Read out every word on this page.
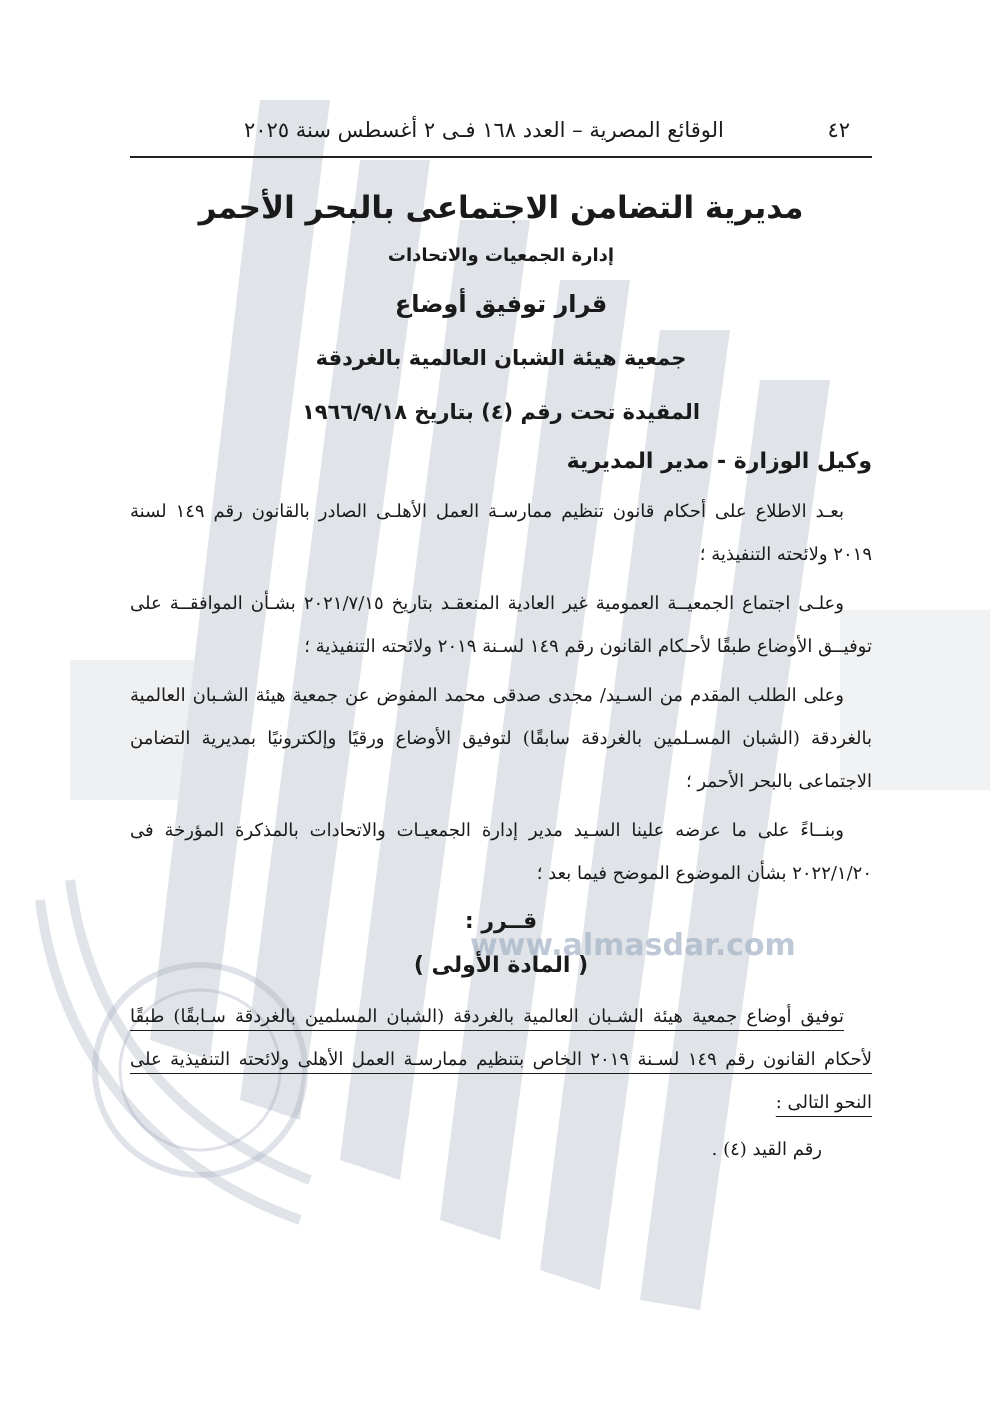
www.almasdar.com
٤٢
الوقائع المصرية – العدد ١٦٨ فـى ٢ أغسطس سنة ٢٠٢٥
مديرية التضامن الاجتماعى بالبحر الأحمر
إدارة الجمعيات والاتحادات
قرار توفيق أوضاع
جمعية هيئة الشبان العالمية بالغردقة
المقيدة تحت رقم (٤) بتاريخ ١٩٦٦/٩/١٨
وكيل الوزارة - مدير المديرية

بعـد الاطلاع على أحكام قانون تنظيم ممارسـة العمل الأهلـى الصادر بالقانون رقم ١٤٩ لسنة ٢٠١٩ ولائحته التنفيذية ؛

وعلـى اجتماع الجمعيــة العمومية غير العادية المنعقـد بتاريخ ٢٠٢١/٧/١٥ بشـأن الموافقــة على توفيــق الأوضاع طبقًا لأحـكام القانون رقم ١٤٩ لسـنة ٢٠١٩ ولائحته التنفيذية ؛

وعلى الطلب المقدم من السـيد/ مجدى صدقى محمد المفوض عن جمعية هيئة الشـبان العالمية بالغردقة (الشبان المسـلمين بالغردقة سابقًا) لتوفيق الأوضاع ورقيًا وإلكترونيًا بمديرية التضامن الاجتماعى بالبحر الأحمر ؛

وبنــاءً على ما عرضه علينا السـيد مدير إدارة الجمعيـات والاتحادات بالمذكرة المؤرخة فى ٢٠٢٢/١/٢٠ بشأن الموضوع الموضح فيما بعد ؛

قــرر :
( المادة الأولى )

توفيق أوضاع جمعية هيئة الشـبان العالمية بالغردقة (الشبان المسلمين بالغردقة سـابقًا) طبقًا لأحكام القانون رقم ١٤٩ لسـنة ٢٠١٩ الخاص بتنظيم ممارسـة العمل الأهلى ولائحته التنفيذية على النحو التالى :

رقم القيد (٤) .
